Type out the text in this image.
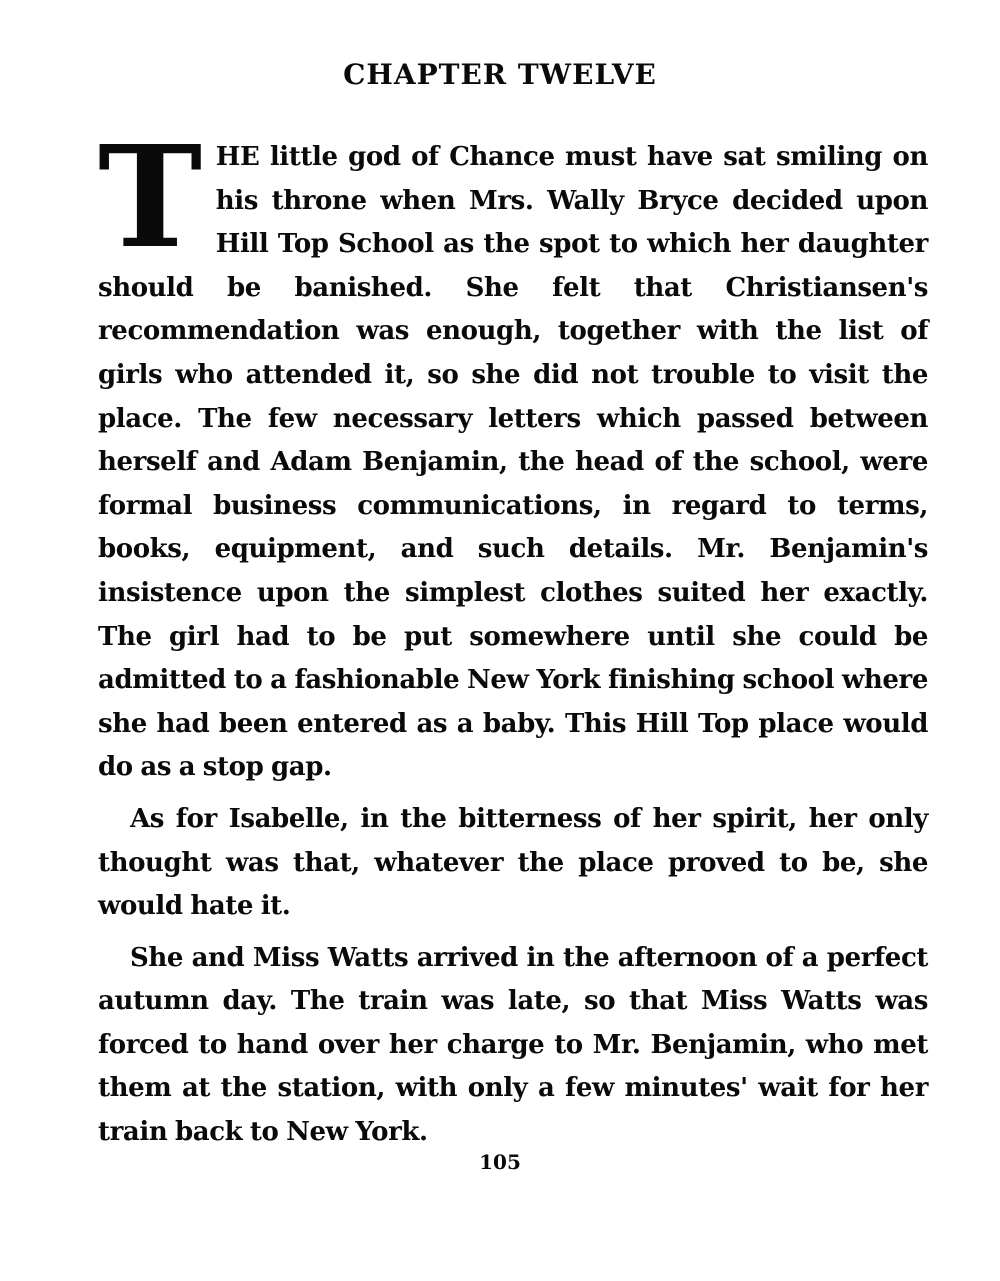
CHAPTER TWELVE

THE little god of Chance must have sat smiling on his throne when Mrs. Wally Bryce decided upon Hill Top School as the spot to which her daughter should be banished. She felt that Christiansen's recommendation was enough, together with the list of girls who attended it, so she did not trouble to visit the place. The few necessary letters which passed between herself and Adam Benjamin, the head of the school, were formal business communications, in regard to terms, books, equipment, and such details. Mr. Benjamin's insistence upon the simplest clothes suited her exactly. The girl had to be put somewhere until she could be admitted to a fashionable New York finishing school where she had been entered as a baby. This Hill Top place would do as a stop gap.

As for Isabelle, in the bitterness of her spirit, her only thought was that, whatever the place proved to be, she would hate it.

She and Miss Watts arrived in the afternoon of a perfect autumn day. The train was late, so that Miss Watts was forced to hand over her charge to Mr. Benjamin, who met them at the station, with only a few minutes' wait for her train back to New York.

105
